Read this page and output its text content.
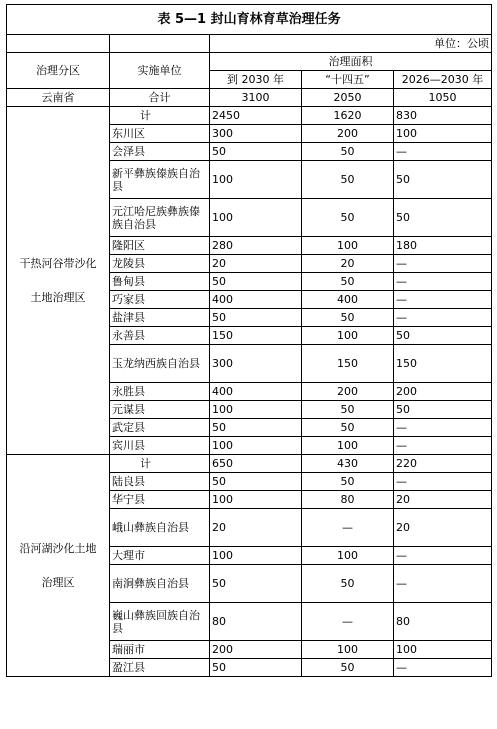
表 5—1 封山育林育草治理任务				
		单位：公顷		
治理分区	实施单位	治理面积		
		到 2030 年	“十四五”	2026—2030 年
云南省	合计	3100	2050	1050

干热河谷带沙化
土地治理区	计	2450	1620	830
	东川区	300	200	100
	会泽县	50	50	—
	新平彝族傣族自治县	100	50	50
	元江哈尼族彝族傣族自治县	100	50	50
	隆阳区	280	100	180
	龙陵县	20	20	—
	鲁甸县	50	50	—
	巧家县	400	400	—
	盐津县	50	50	—
	永善县	150	100	50
	玉龙纳西族自治县	300	150	150
	永胜县	400	200	200
	元谋县	100	50	50
	武定县	50	50	—
	宾川县	100	100	—

沿河湖沙化土地
治理区	计	650	430	220
	陆良县	50	50	—
	华宁县	100	80	20
	峨山彝族自治县	20	—	20
	大理市	100	100	—
	南涧彝族自治县	50	50	—
	巍山彝族回族自治县	80	—	80
	瑞丽市	200	100	100
	盈江县	50	50	—
